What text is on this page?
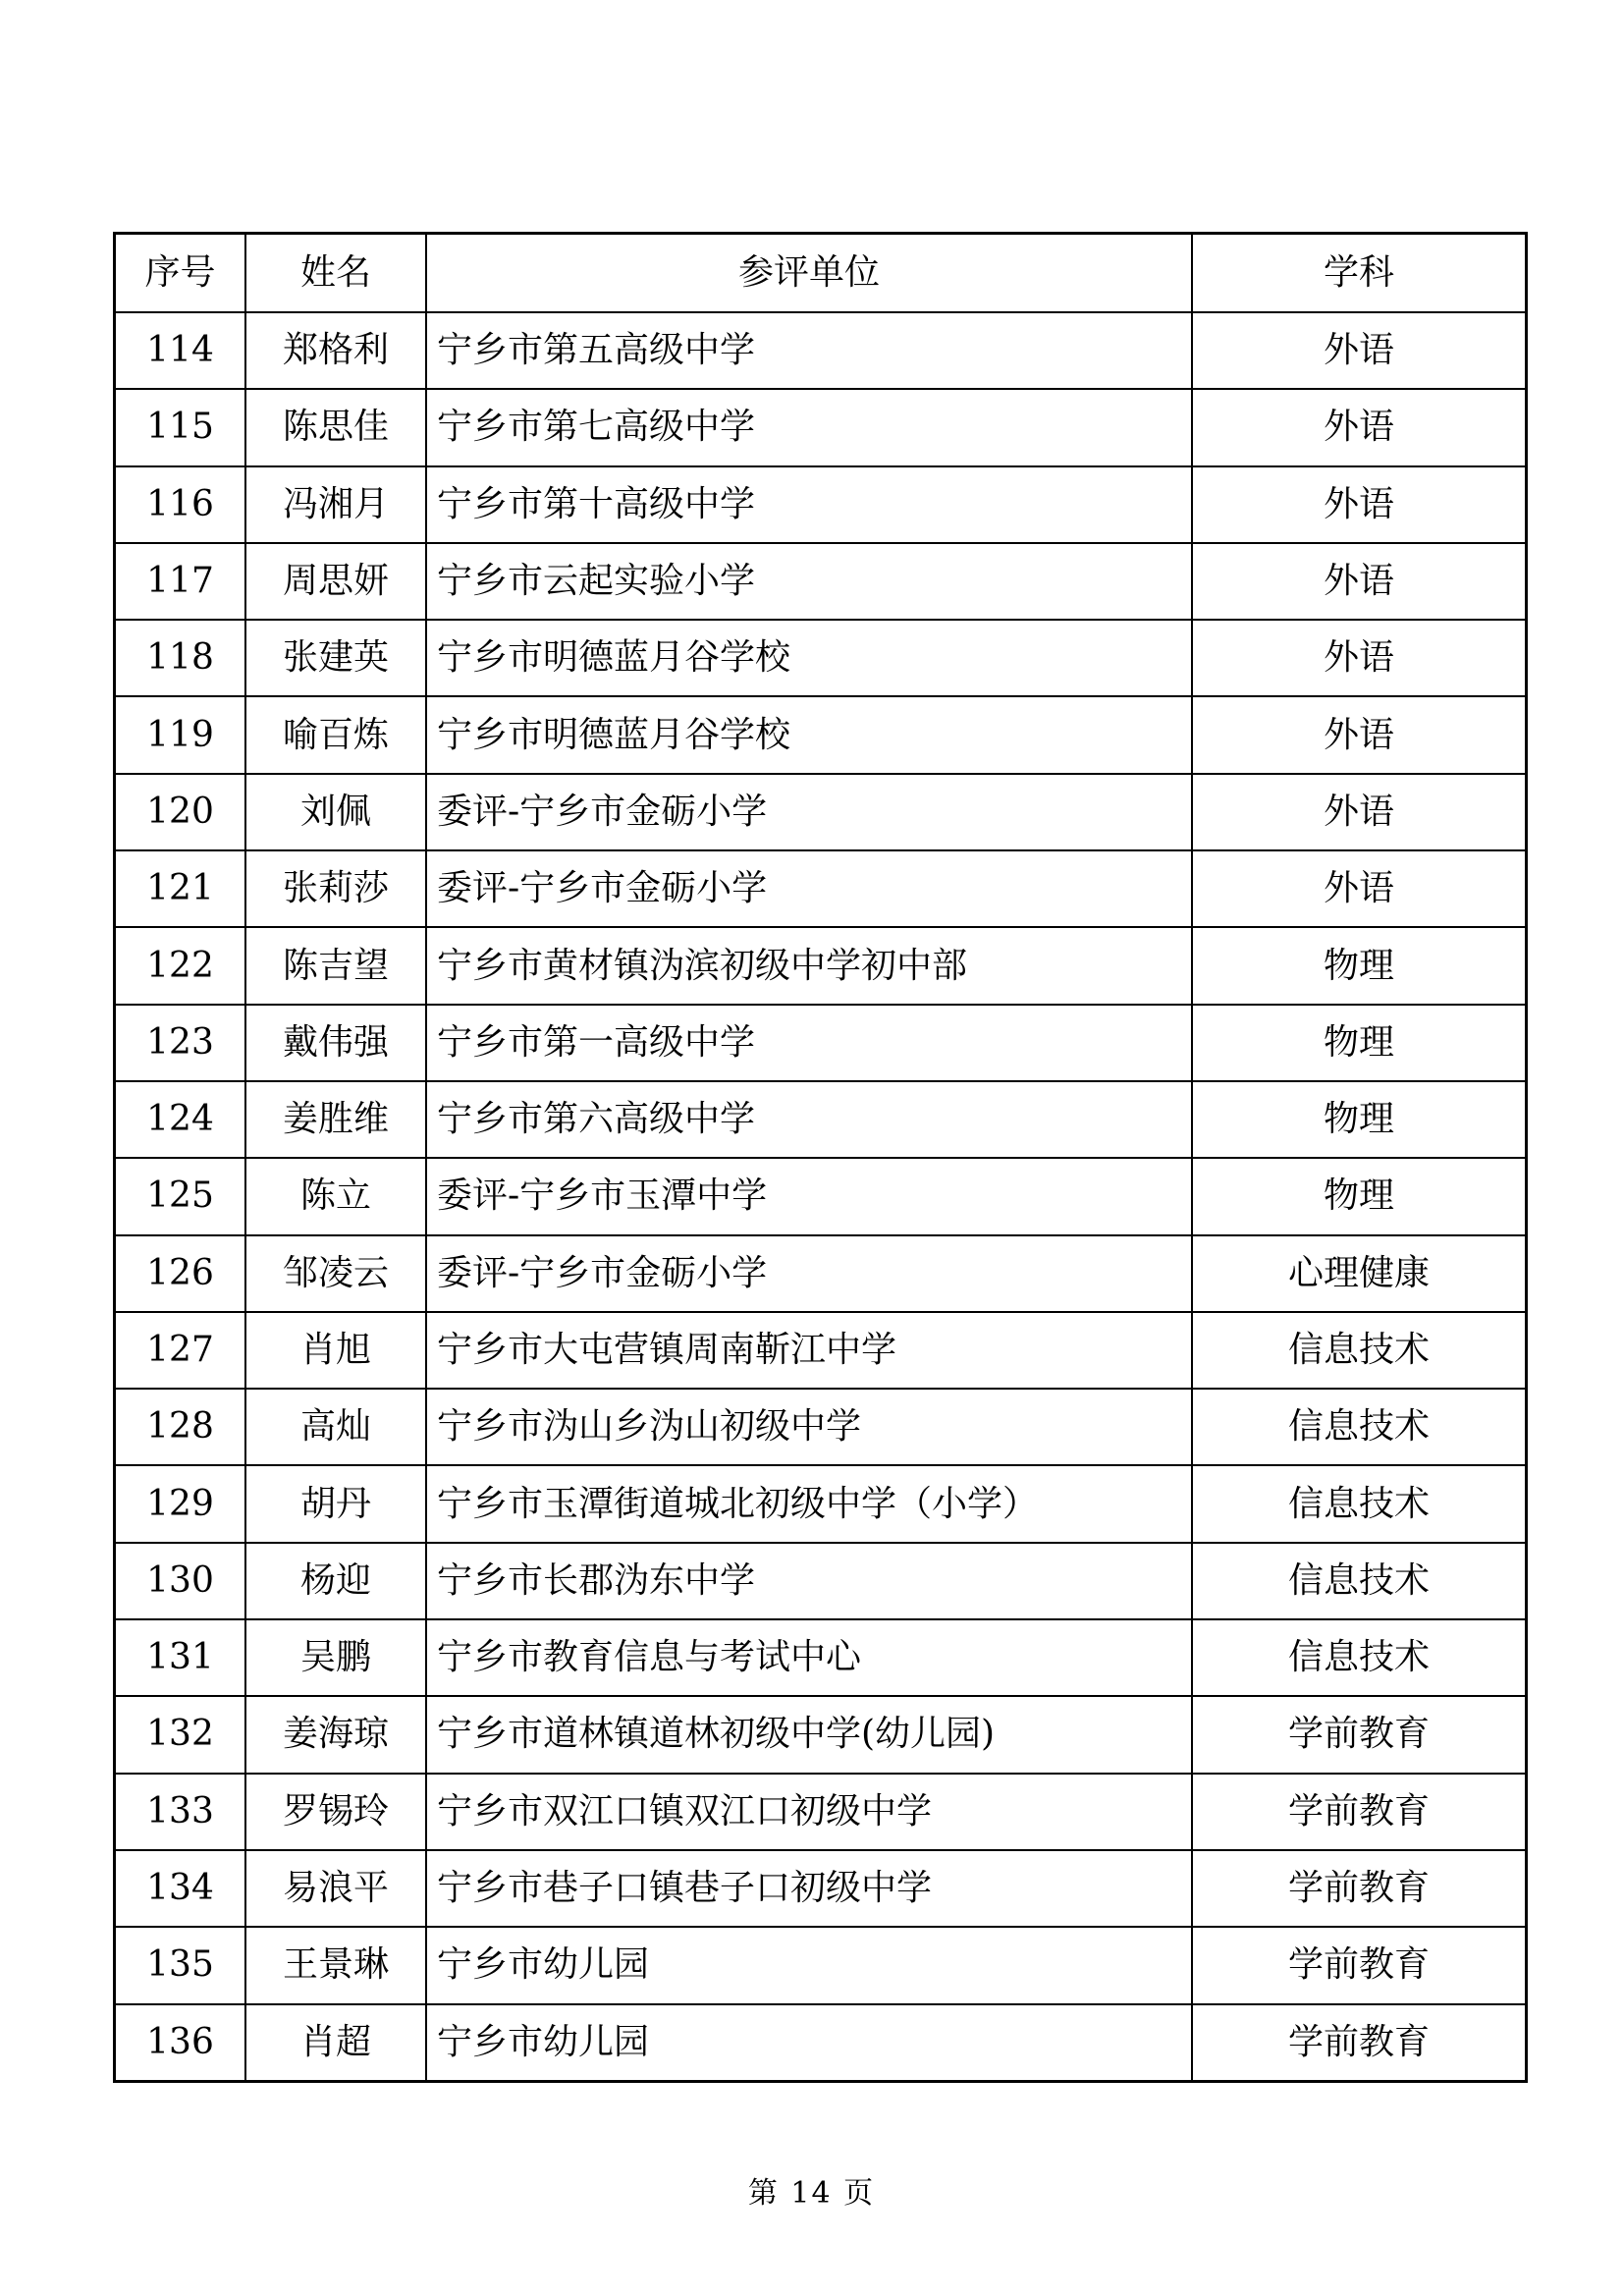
序号	姓名	参评单位	学科
114	郑格利	宁乡市第五高级中学	外语
115	陈思佳	宁乡市第七高级中学	外语
116	冯湘月	宁乡市第十高级中学	外语
117	周思妍	宁乡市云起实验小学	外语
118	张建英	宁乡市明德蓝月谷学校	外语
119	喻百炼	宁乡市明德蓝月谷学校	外语
120	刘佩	委评-宁乡市金砺小学	外语
121	张莉莎	委评-宁乡市金砺小学	外语
122	陈吉望	宁乡市黄材镇沩滨初级中学初中部	物理
123	戴伟强	宁乡市第一高级中学	物理
124	姜胜维	宁乡市第六高级中学	物理
125	陈立	委评-宁乡市玉潭中学	物理
126	邹凌云	委评-宁乡市金砺小学	心理健康
127	肖旭	宁乡市大屯营镇周南靳江中学	信息技术
128	高灿	宁乡市沩山乡沩山初级中学	信息技术
129	胡丹	宁乡市玉潭街道城北初级中学（小学）	信息技术
130	杨迎	宁乡市长郡沩东中学	信息技术
131	吴鹏	宁乡市教育信息与考试中心	信息技术
132	姜海琼	宁乡市道林镇道林初级中学(幼儿园)	学前教育
133	罗锡玲	宁乡市双江口镇双江口初级中学	学前教育
134	易浪平	宁乡市巷子口镇巷子口初级中学	学前教育
135	王景琳	宁乡市幼儿园	学前教育
136	肖超	宁乡市幼儿园	学前教育
第 14 页
